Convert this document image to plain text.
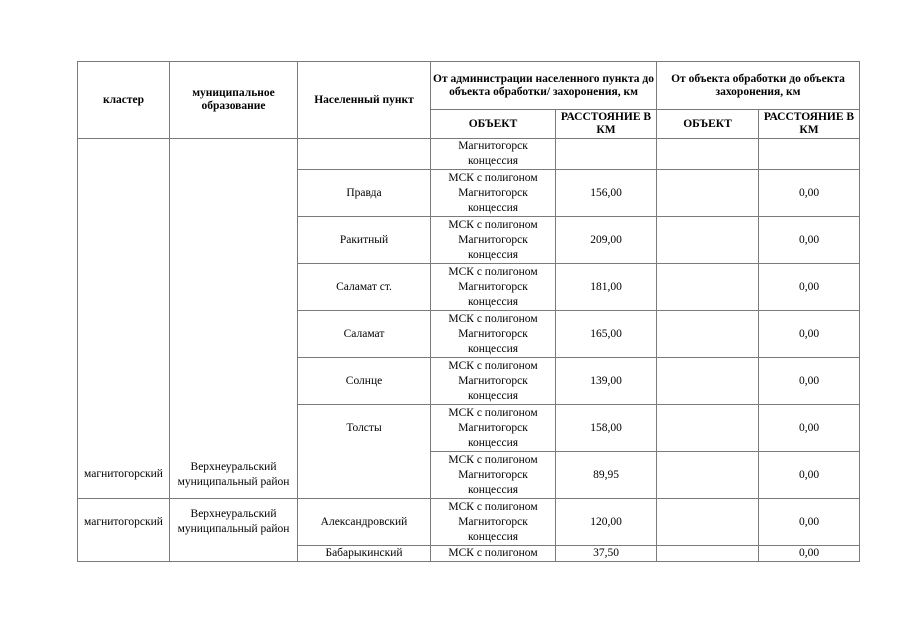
кластер	муниципальное образование	Населенный пункт	От администрации населенного пункта до объекта обработки/ захоронения, км		От объекта обработки до объекта захоронения, км	
			ОБЪЕКТ	РАССТОЯНИЕ В КМ	ОБЪЕКТ	РАССТОЯНИЕ В КМ
			Магнитогорск концессия			
		Правда	МСК с полигоном Магнитогорск концессия	156,00		0,00
		Ракитный	МСК с полигоном Магнитогорск концессия	209,00		0,00
		Саламат ст.	МСК с полигоном Магнитогорск концессия	181,00		0,00
		Саламат	МСК с полигоном Магнитогорск концессия	165,00		0,00
		Солнце	МСК с полигоном Магнитогорск концессия	139,00		0,00
		Толсты	МСК с полигоном Магнитогорск концессия	158,00		0,00
магнитогорский	Верхнеуральский муниципальный район		МСК с полигоном Магнитогорск концессия	89,95		0,00
магнитогорский	Верхнеуральский муниципальный район	Александровский	МСК с полигоном Магнитогорск концессия	120,00		0,00
		Бабарыкинский	МСК с полигоном	37,50		0,00
